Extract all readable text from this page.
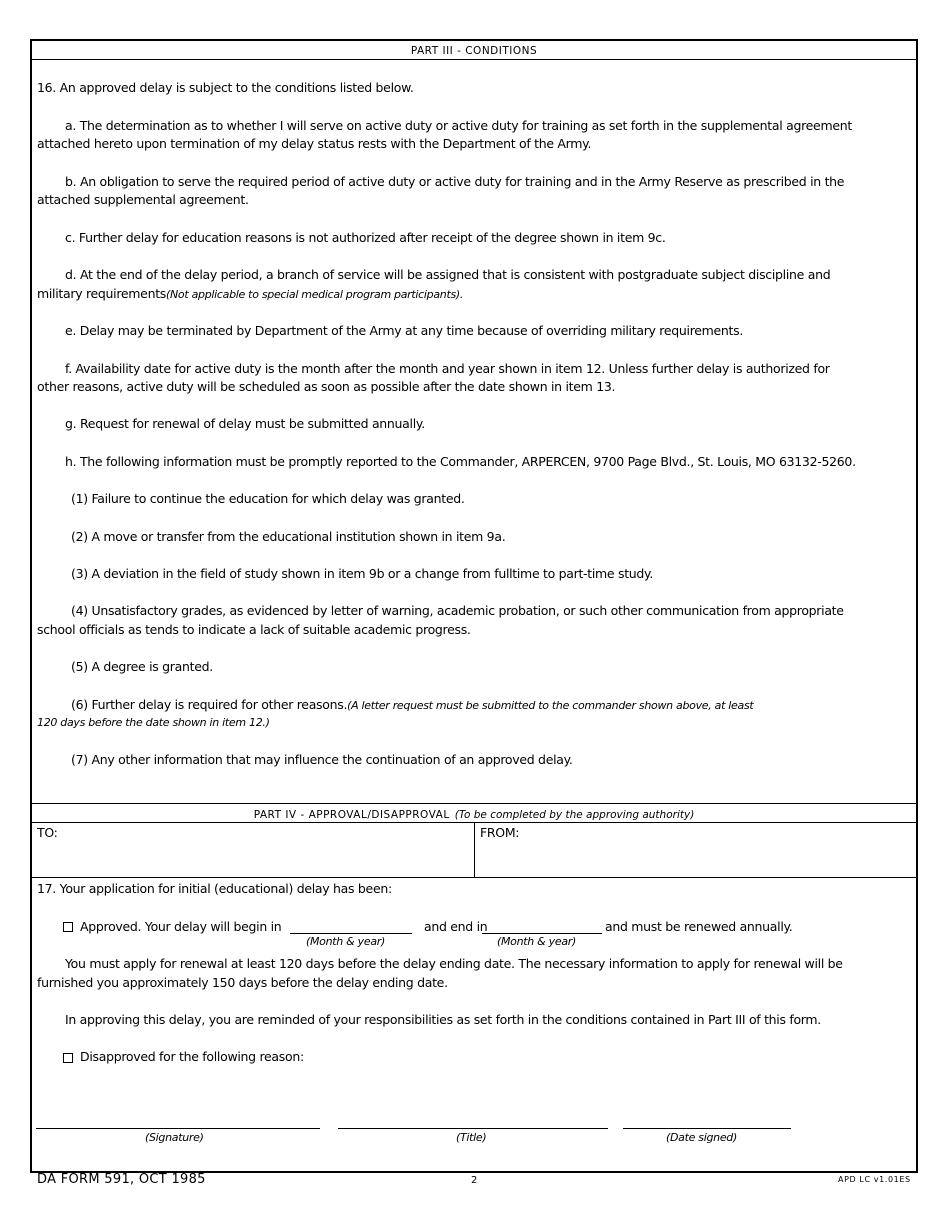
PART III - CONDITIONS
16. An approved delay is subject to the conditions listed below.
a. The determination as to whether I will serve on active duty or active duty for training as set forth in the supplemental agreement
attached hereto upon termination of my delay status rests with the Department of the Army.
b. An obligation to serve the required period of active duty or active duty for training and in the Army Reserve as prescribed in the
attached supplemental agreement.
c. Further delay for education reasons is not authorized after receipt of the degree shown in item 9c.
d. At the end of the delay period, a branch of service will be assigned that is consistent with postgraduate subject discipline and
military requirements(Not applicable to special medical program participants).
e. Delay may be terminated by Department of the Army at any time because of overriding military requirements.
f. Availability date for active duty is the month after the month and year shown in item 12. Unless further delay is authorized for
other reasons, active duty will be scheduled as soon as possible after the date shown in item 13.
g. Request for renewal of delay must be submitted annually.
h. The following information must be promptly reported to the Commander, ARPERCEN, 9700 Page Blvd., St. Louis, MO 63132-5260.
(1) Failure to continue the education for which delay was granted.
(2) A move or transfer from the educational institution shown in item 9a.
(3) A deviation in the field of study shown in item 9b or a change from fulltime to part-time study.
(4) Unsatisfactory grades, as evidenced by letter of warning, academic probation, or such other communication from appropriate
school officials as tends to indicate a lack of suitable academic progress.
(5) A degree is granted.
(6) Further delay is required for other reasons.(A letter request must be submitted to the commander shown above, at least
120 days before the date shown in item 12.)
(7) Any other information that may influence the continuation of an approved delay.
PART IV - APPROVAL/DISAPPROVAL (To be completed by the approving authority)
TO:	FROM:
17. Your application for initial (educational) delay has been:
Approved. Your delay will begin in	and end in	and must be renewed annually.
(Month & year)	(Month & year)
You must apply for renewal at least 120 days before the delay ending date. The necessary information to apply for renewal will be
furnished you approximately 150 days before the delay ending date.
In approving this delay, you are reminded of your responsibilities as set forth in the conditions contained in Part III of this form.
Disapproved for the following reason:
(Signature)	(Title)	(Date signed)
DA FORM 591, OCT 1985	2	APD LC v1.01ES
